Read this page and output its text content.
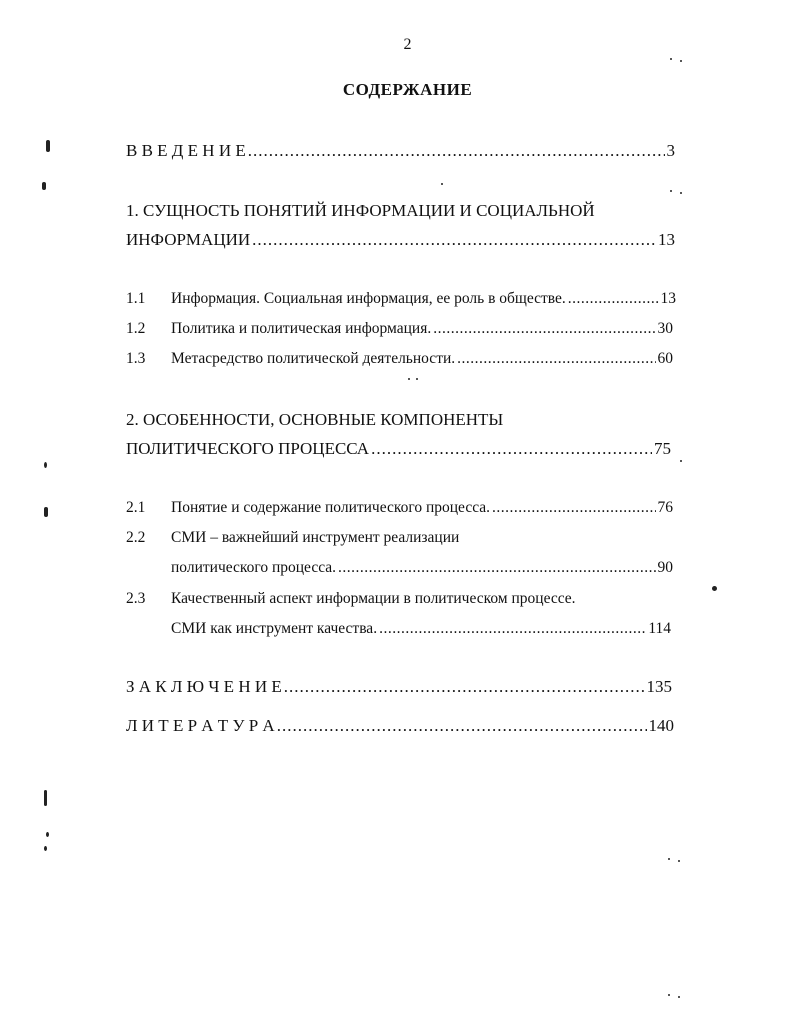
2
СОДЕРЖАНИЕ
В В Е Д Е Н И Е .....	3
1. СУЩНОСТЬ ПОНЯТИЙ ИНФОРМАЦИИ И СОЦИАЛЬНОЙ
ИНФОРМАЦИИ .....	13
1.1 Информация. Социальная информация, ее роль в обществе. .....	13
1.2 Политика и политическая информация. .....	30
1.3 Метасредство политической деятельности. .....	60
2. ОСОБЕННОСТИ, ОСНОВНЫЕ КОМПОНЕНТЫ
ПОЛИТИЧЕСКОГО ПРОЦЕССА .....	75
2.1 Понятие и содержание политического процесса. .....	76
2.2 СМИ – важнейший инструмент реализации
политического процесса. .....	90
2.3 Качественный аспект информации в политическом процессе.
СМИ как инструмент качества. .....	114
З А К Л Ю Ч Е Н И Е .....	135
Л И Т Е Р А Т У Р А .....	140
